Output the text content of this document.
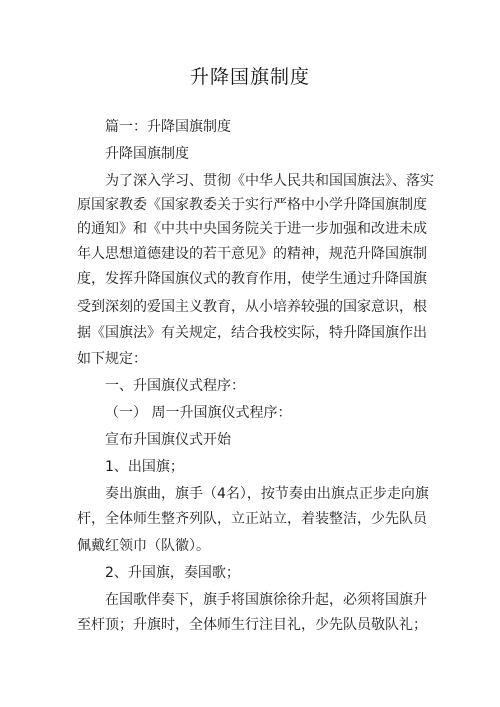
升降国旗制度
篇一：升降国旗制度
升降国旗制度
为了深入学习、贯彻《中华人民共和国国旗法》、落实
原国家教委《国家教委关于实行严格中小学升降国旗制度
的通知》和《中共中央国务院关于进一步加强和改进未成
年人思想道德建设的若干意见》的精神，规范升降国旗制
度，发挥升降国旗仪式的教育作用，使学生通过升降国旗
受到深刻的爱国主义教育，从小培养较强的国家意识，根
据《国旗法》有关规定，结合我校实际，特升降国旗作出
如下规定：
一、升国旗仪式程序：
（一） 周一升国旗仪式程序：
宣布升国旗仪式开始
1、出国旗；
奏出旗曲，旗手（4名），按节奏由出旗点正步走向旗
杆，全体师生整齐列队，立正站立，着装整洁，少先队员
佩戴红领巾（队徽）。
2、升国旗，奏国歌；
在国歌伴奏下，旗手将国旗徐徐升起，必须将国旗升
至杆顶；升旗时，全体师生行注目礼，少先队员敬队礼；
